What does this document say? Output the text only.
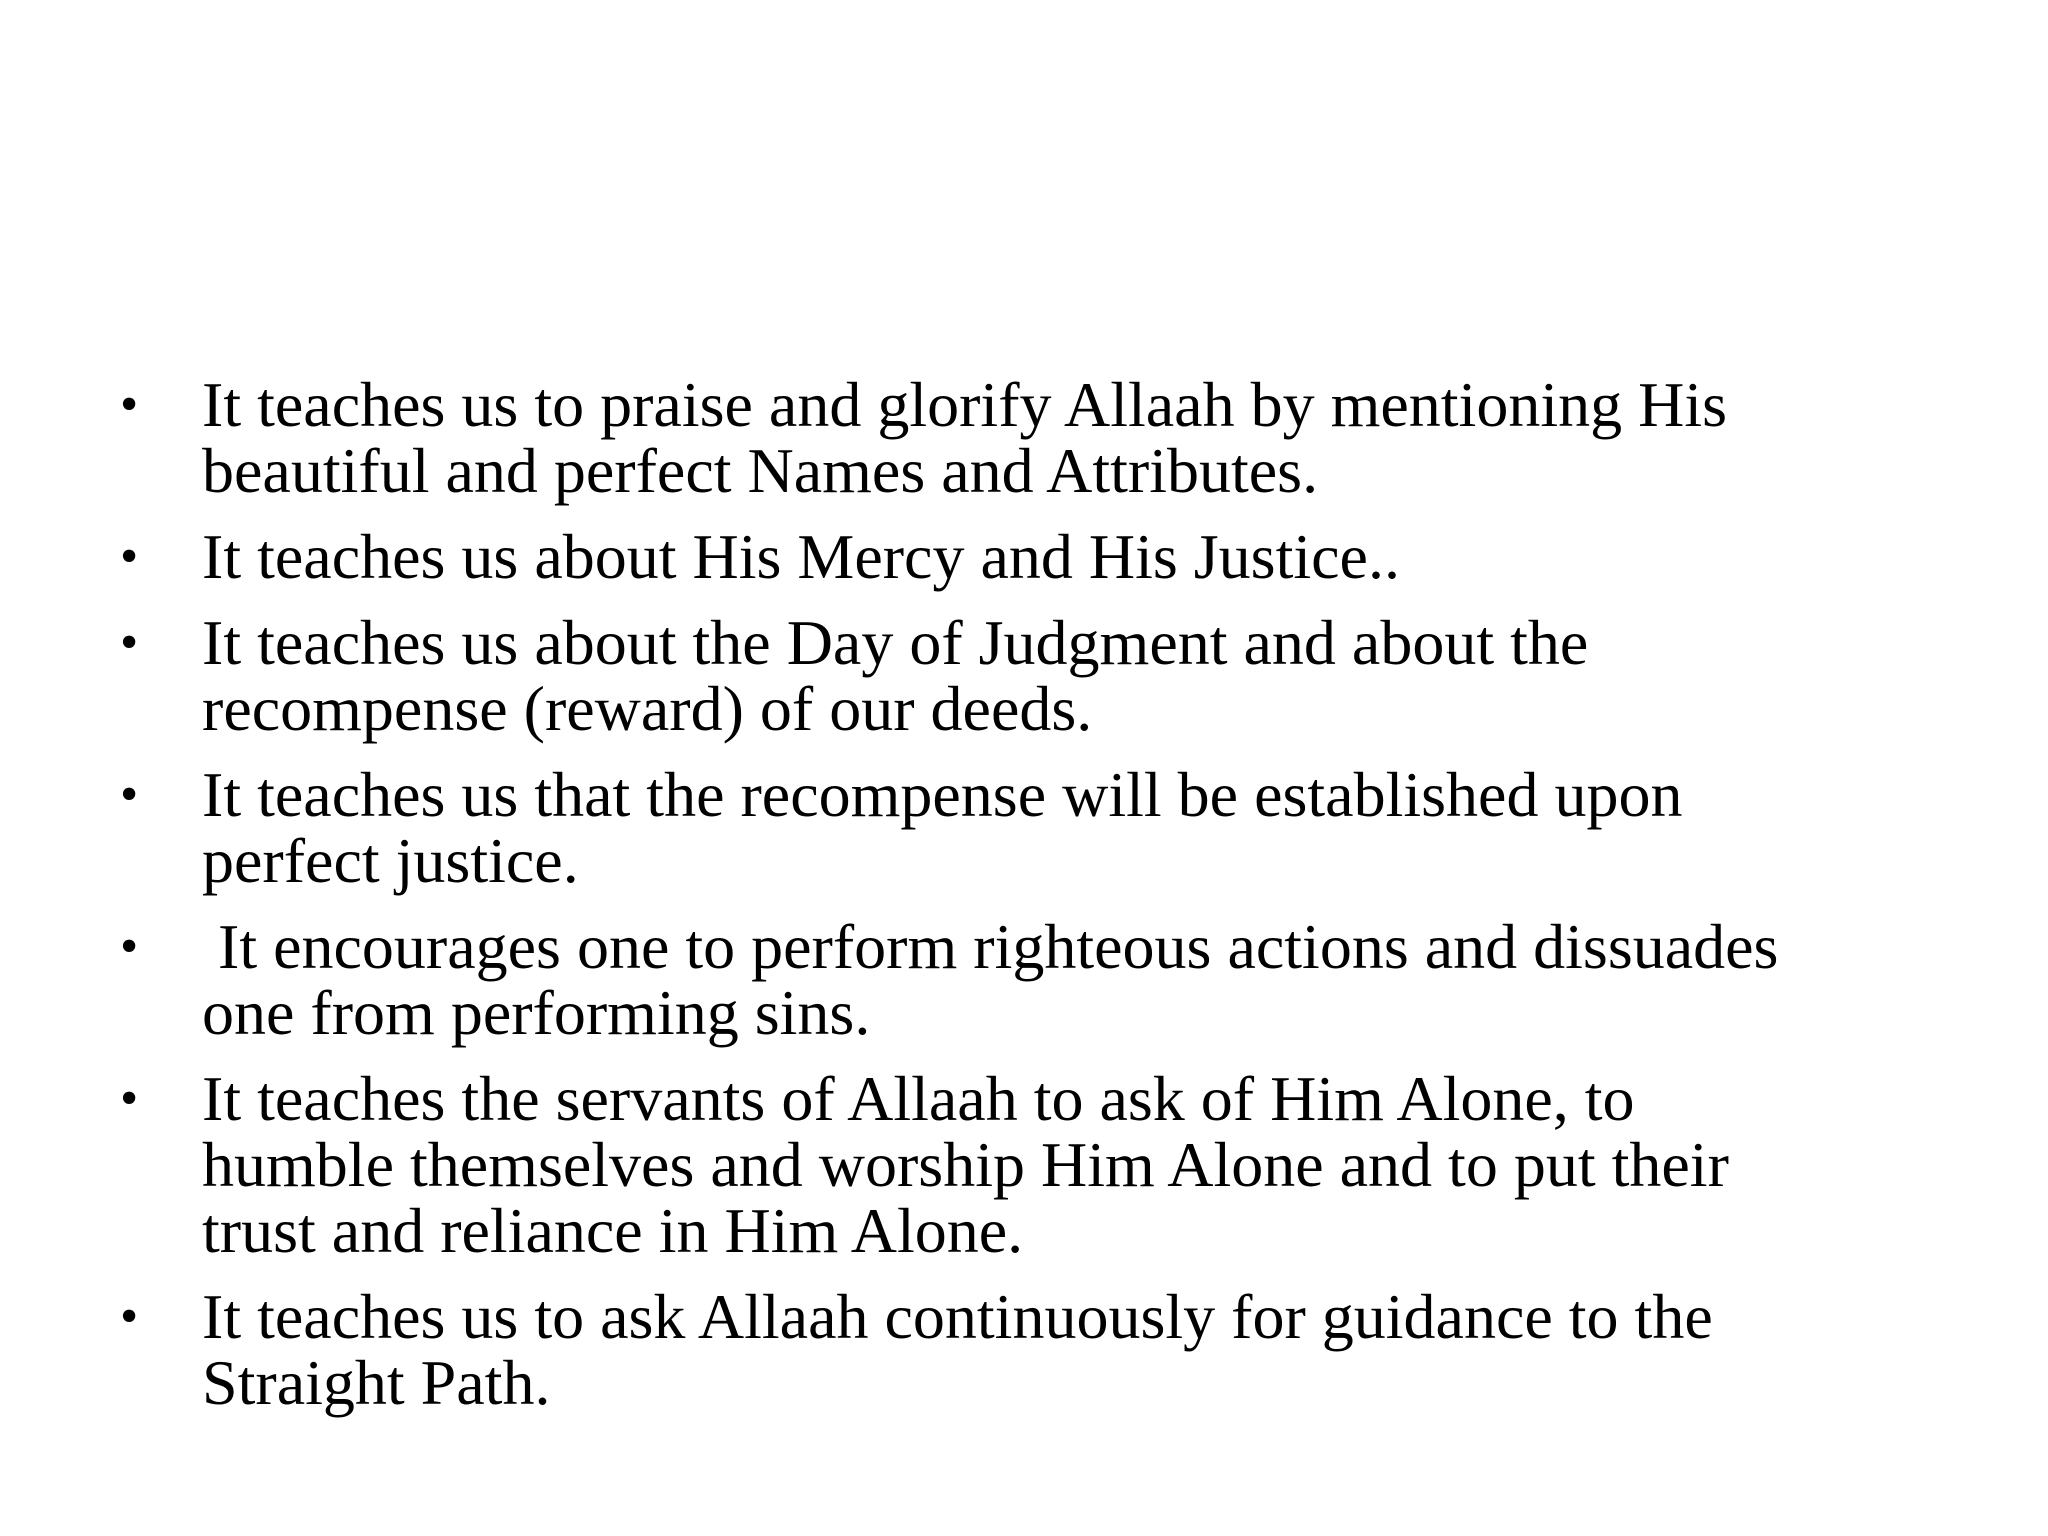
• It teaches us to praise and glorify Allaah by mentioning His
beautiful and perfect Names and Attributes.
• It teaches us about His Mercy and His Justice..
• It teaches us about the Day of Judgment and about the
recompense (reward) of our deeds.
• It teaches us that the recompense will be established upon
perfect justice.
• It encourages one to perform righteous actions and dissuades
one from performing sins.
• It teaches the servants of Allaah to ask of Him Alone, to
humble themselves and worship Him Alone and to put their
trust and reliance in Him Alone.
• It teaches us to ask Allaah continuously for guidance to the
Straight Path.
